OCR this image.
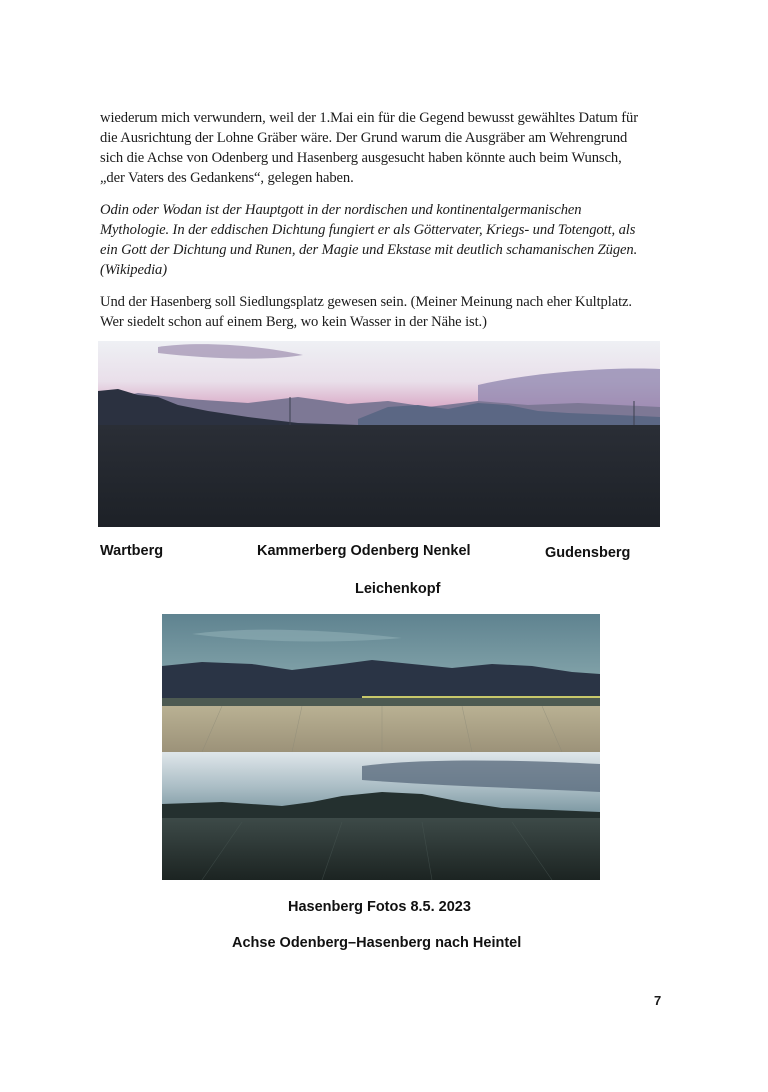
wiederum mich verwundern, weil der 1.Mai ein für die Gegend bewusst gewähltes Datum für
die Ausrichtung der Lohne Gräber wäre. Der Grund warum die Ausgräber am Wehrengrund
sich die Achse von Odenberg und Hasenberg ausgesucht haben könnte auch beim Wunsch,
„der Vaters des Gedankens“, gelegen haben.
Odin oder Wodan ist der Hauptgott in der nordischen und kontinentalgermanischen
Mythologie. In der eddischen Dichtung fungiert er als Göttervater, Kriegs- und Totengott, als
ein Gott der Dichtung und Runen, der Magie und Ekstase mit deutlich schamanischen Zügen.
(Wikipedia)
Und der Hasenberg soll Siedlungsplatz gewesen sein. (Meiner Meinung nach eher Kultplatz.
Wer siedelt schon auf einem Berg, wo kein Wasser in der Nähe ist.)
Wartberg	Kammerberg Odenberg Nenkel	Gudensberg
Leichenkopf
Hasenberg Fotos 8.5. 2023
Achse Odenberg–Hasenberg nach Heintel
7
